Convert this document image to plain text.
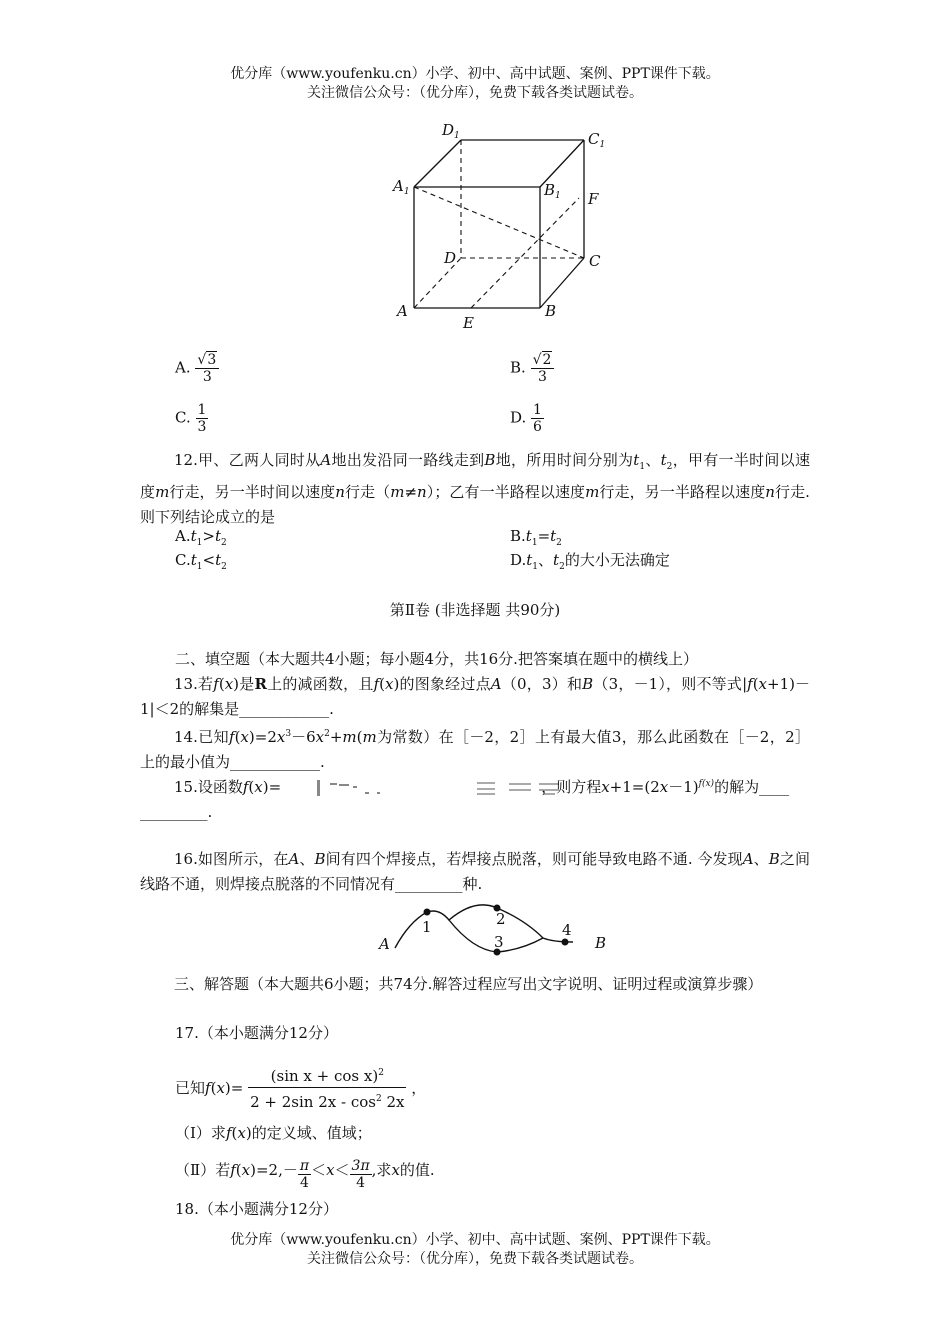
优分库（www.youfenku.cn）小学、初中、高中试题、案例、PPT课件下载。
关注微信公众号：（优分库），免费下载各类试题试卷。
$D_1$	$C_1$
$A_1$	$B_1$ F
D	C
A
E
B
A. $\frac{√3}{3}$	B. $\frac{√2}{3}$
C. $\frac{1}{3}$	D. $\frac{1}{6}$
12.甲、乙两人同时从A地出发沿同一路线走到B地，所用时间分别为$t_1$、$t_2$，甲有一半时间以速度m行走，另一半时间以速度n行走（m≠n）；乙有一半路程以速度m行走，另一半路程以速度n行走.则下列结论成立的是
$A.t_1>t_2$	$B.t_1=t_2$
$C.t_1<t_2$	$D.t_1$、$t_2$的大小无法确定
第Ⅱ卷 (非选择题 共90分)
二、填空题（本大题共4小题；每小题4分，共16分.把答案填在题中的横线上）
13.若f(x)是R上的减函数，且f(x)的图象经过点A（0，3）和B（3，－1），则不等式|f(x+1)－1|＜2的解集是____________.
14.已知$f(x)=2x^3-6x^2+m(m$为常数）在［－2，2］上有最大值3，那么此函数在［－2，2］上的最小值为____________.
15.设函数f(x)=	，则方程$x+1=(2x-1)^{f(x)}$的解为____
_________.
16.如图所示，在A、B间有四个焊接点，若焊接点脱落，则可能导致电路不通. 今发现A、B之间线路不通，则焊接点脱落的不同情况有_________种.
A
1	2
3
4
B
三、解答题（本大题共6小题；共74分.解答过程应写出文字说明、证明过程或演算步骤）
17.（本小题满分12分）
已知$f(x)= \frac{(\sin x + \cos x)^2}{2 + 2\sin 2x - \cos^2 2x}$ ，
（Ⅰ）求f(x)的定义域、值域；
（Ⅱ）若$f(x)=2,- \frac{\pi}{4} <x< \frac{3\pi}{4}$ ,求x的值.
18.（本小题满分12分）
优分库（www.youfenku.cn）小学、初中、高中试题、案例、PPT课件下载。
关注微信公众号：（优分库），免费下载各类试题试卷。
